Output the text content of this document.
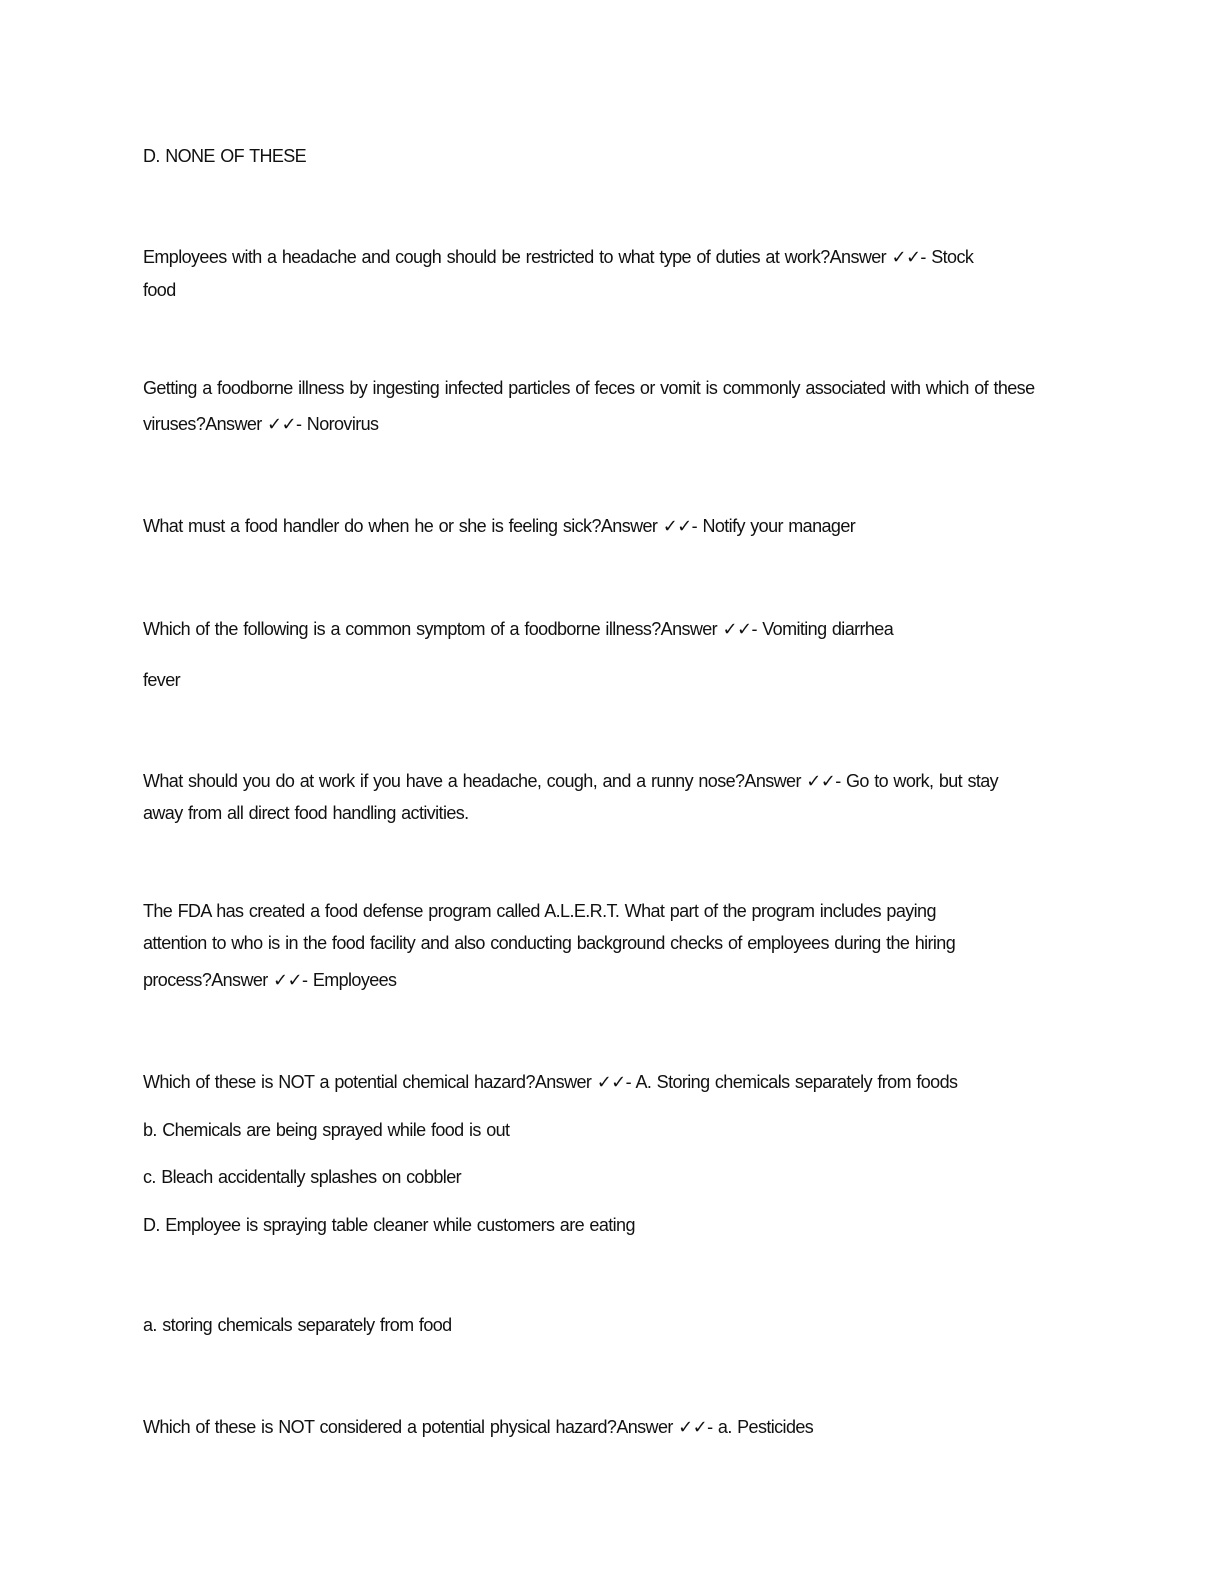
D. NONE OF THESE
Employees with a headache and cough should be restricted to what type of duties at work?Answer ✓✓- Stock
food
Getting a foodborne illness by ingesting infected particles of feces or vomit is commonly associated with which of these
viruses?Answer ✓✓- Norovirus
What must a food handler do when he or she is feeling sick?Answer ✓✓- Notify your manager
Which of the following is a common symptom of a foodborne illness?Answer ✓✓- Vomiting diarrhea
fever
What should you do at work if you have a headache, cough, and a runny nose?Answer ✓✓- Go to work, but stay
away from all direct food handling activities.
The FDA has created a food defense program called A.L.E.R.T. What part of the program includes paying
attention to who is in the food facility and also conducting background checks of employees during the hiring
process?Answer ✓✓- Employees
Which of these is NOT a potential chemical hazard?Answer ✓✓- A. Storing chemicals separately from foods
b. Chemicals are being sprayed while food is out
c. Bleach accidentally splashes on cobbler
D. Employee is spraying table cleaner while customers are eating
a. storing chemicals separately from food
Which of these is NOT considered a potential physical hazard?Answer ✓✓- a. Pesticides
